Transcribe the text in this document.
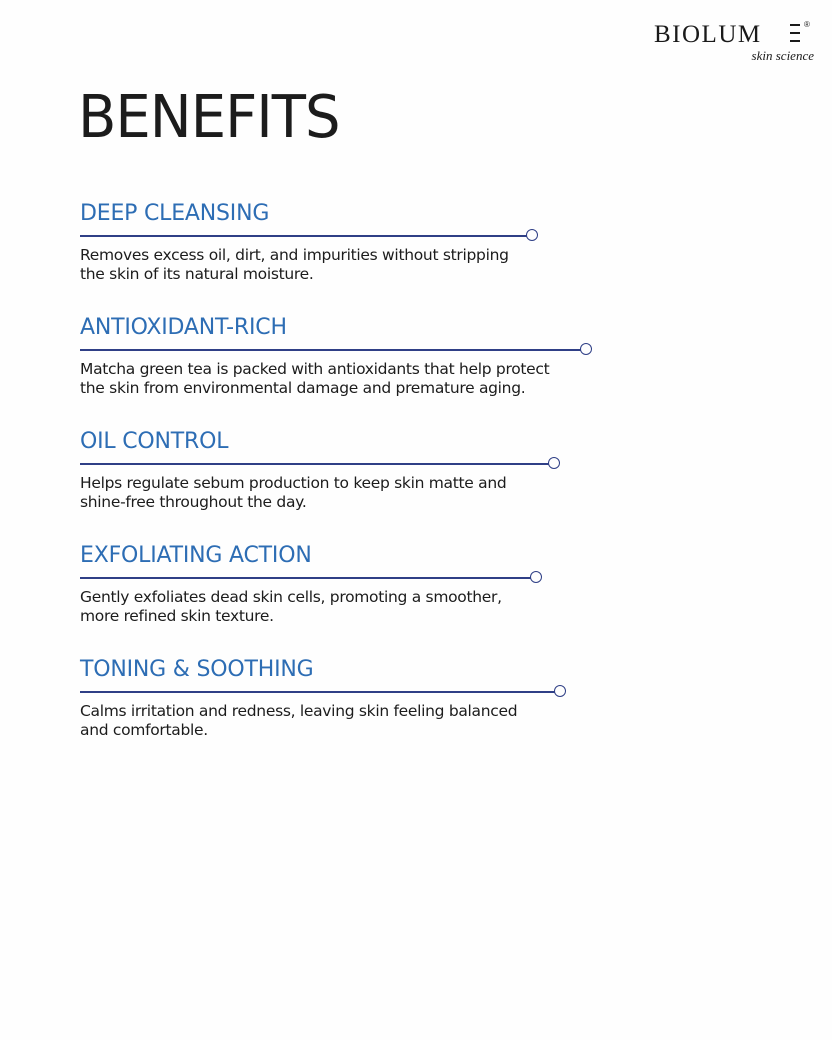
BIOLUM	®
skin science
BENEFITS
DEEP CLEANSING

Removes excess oil, dirt, and impurities without stripping
the skin of its natural moisture.

ANTIOXIDANT-RICH

Matcha green tea is packed with antioxidants that help protect
the skin from environmental damage and premature aging.

OIL CONTROL

Helps regulate sebum production to keep skin matte and
shine-free throughout the day.

EXFOLIATING ACTION

Gently exfoliates dead skin cells, promoting a smoother,
more refined skin texture.

TONING & SOOTHING

Calms irritation and redness, leaving skin feeling balanced
and comfortable.
